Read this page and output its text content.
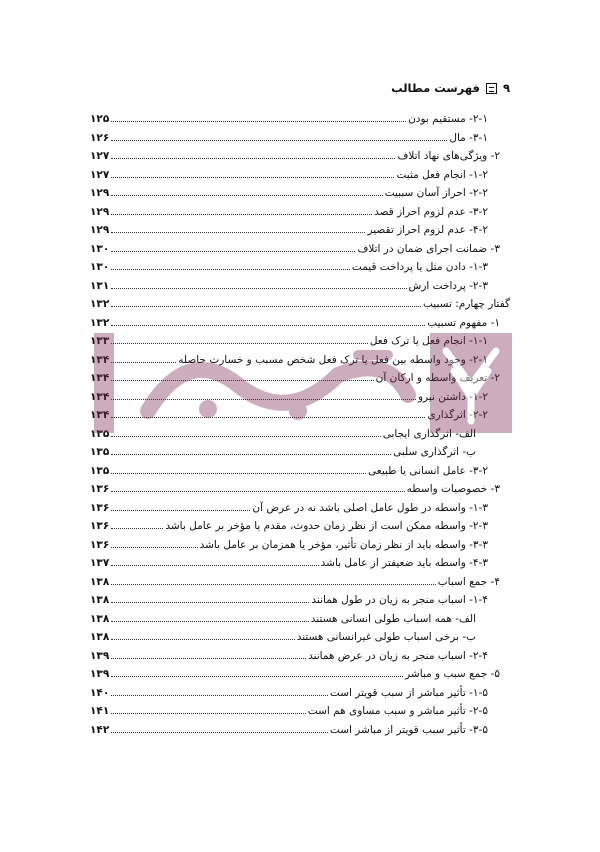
۹
فهرست مطالب
۲-۱- مستقیم بودن
۱۲۵
۳-۱- مال
۱۲۶
۲- ویژگی‌های نهاد اتلاف
۱۲۷
۱-۲- انجام فعل مثبت
۱۲۷
۲-۲- احراز آسان سببیت
۱۲۹
۳-۲- عدم لزوم احراز قصد
۱۲۹
۴-۲- عدم لزوم احراز تقصیر
۱۲۹
۳- ضمانت اجرای ضمان در اتلاف
۱۳۰
۱-۳- دادن مثل یا پرداخت قیمت
۱۳۰
۲-۳- پرداخت ارش
۱۳۱
گفتار چهارم: تسبیب
۱۳۲
۱- مفهوم تسبیب
۱۳۲
۱-۱- انجام فعل یا ترک فعل
۱۳۳
۲-۱- وجود واسطه بین فعل یا ترک فعل شخص مسبب و خسارت حاصله
۱۳۴
۲- تعریف واسطه و ارکان آن
۱۳۴
۱-۲- داشتن نیرو
۱۳۴
۲-۲- اثرگذاری
۱۳۴
الف- اثرگذاری ایجابی
۱۳۵
ب- اثرگذاری سلبی
۱۳۵
۳-۲- عامل انسانی یا طبیعی
۱۳۵
۳- خصوصیات واسطه
۱۳۶
۱-۳- واسطه در طول عامل اصلی باشد نه در عرض آن
۱۳۶
۲-۳- واسطه ممکن است از نظر زمان حدوث، مقدم یا مؤخر بر عامل باشد
۱۳۶
۳-۳- واسطه باید از نظر زمان تأثیر، مؤخر یا همزمان بر عامل باشد
۱۳۶
۴-۳- واسطه باید ضعیفتر از عامل باشد
۱۳۷
۴- جمع اسباب
۱۳۸
۱-۴- اسباب منجر به زیان در طول همانند
۱۳۸
الف- همه اسباب طولی انسانی هستند
۱۳۸
ب- برخی اسباب طولی غیرانسانی هستند
۱۳۸
۲-۴- اسباب منجر به زیان در عرض همانند
۱۳۹
۵- جمع سبب و مباشر
۱۳۹
۱-۵- تأثیر مباشر از سبب قویتر است
۱۴۰
۲-۵- تأثیر مباشر و سبب مساوی هم است
۱۴۱
۳-۵- تأثیر سبب قویتر از مباشر است
۱۴۲
